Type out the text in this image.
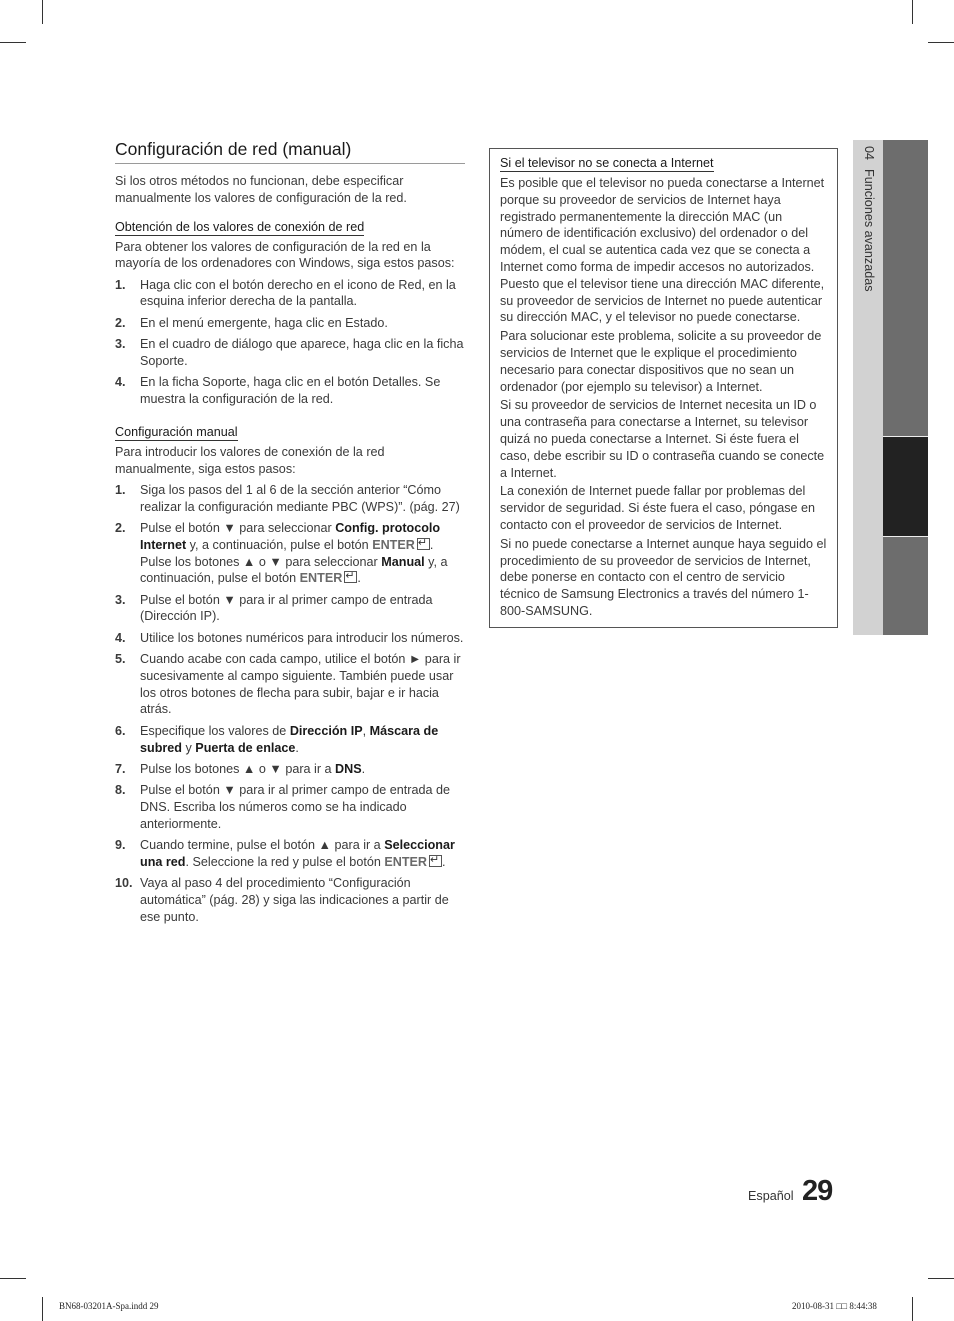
Configuración de red (manual)

Si los otros métodos no funcionan, debe especificar manualmente los valores de configuración de la red.

Obtención de los valores de conexión de red

Para obtener los valores de configuración de la red en la mayoría de los ordenadores con Windows, siga estos pasos:

1. Haga clic con el botón derecho en el icono de Red, en la esquina inferior derecha de la pantalla.
2. En el menú emergente, haga clic en Estado.
3. En el cuadro de diálogo que aparece, haga clic en la ficha Soporte.
4. En la ficha Soporte, haga clic en el botón Detalles. Se muestra la configuración de la red.
Configuración manual

Para introducir los valores de conexión de la red manualmente, siga estos pasos:

1. Siga los pasos del 1 al 6 de la sección anterior “Cómo realizar la configuración mediante PBC (WPS)”. (pág. 27)
2. Pulse el botón ▼ para seleccionar Config. protocolo Internet y, a continuación, pulse el botón ENTER ↵ . Pulse los botones ▲ o ▼ para seleccionar Manual y, a continuación, pulse el botón ENTER ↵ .
3. Pulse el botón ▼ para ir al primer campo de entrada (Dirección IP).
4. Utilice los botones numéricos para introducir los números.
5. Cuando acabe con cada campo, utilice el botón ► para ir sucesivamente al campo siguiente. También puede usar los otros botones de flecha para subir, bajar e ir hacia atrás.
6. Especifique los valores de Dirección IP, Máscara de subred y Puerta de enlace.
7. Pulse los botones ▲ o ▼ para ir a DNS.
8. Pulse el botón ▼ para ir al primer campo de entrada de DNS. Escriba los números como se ha indicado anteriormente.
9. Cuando termine, pulse el botón ▲ para ir a Seleccionar una red. Seleccione la red y pulse el botón ENTER ↵ .
10. Vaya al paso 4 del procedimiento “Configuración automática” (pág. 28) y siga las indicaciones a partir de ese punto.
Si el televisor no se conecta a Internet

Es posible que el televisor no pueda conectarse a Internet porque su proveedor de servicios de Internet haya registrado permanentemente la dirección MAC (un número de identificación exclusivo) del ordenador o del módem, el cual se autentica cada vez que se conecta a Internet como forma de impedir accesos no autorizados. Puesto que el televisor tiene una dirección MAC diferente, su proveedor de servicios de Internet no puede autenticar su dirección MAC, y el televisor no puede conectarse.

Para solucionar este problema, solicite a su proveedor de servicios de Internet que le explique el procedimiento necesario para conectar dispositivos que no sean un ordenador (por ejemplo su televisor) a Internet.

Si su proveedor de servicios de Internet necesita un ID o una contraseña para conectarse a Internet, su televisor quizá no pueda conectarse a Internet. Si éste fuera el caso, debe escribir su ID o contraseña cuando se conecte a Internet.

La conexión de Internet puede fallar por problemas del servidor de seguridad. Si éste fuera el caso, póngase en contacto con el proveedor de servicios de Internet.

Si no puede conectarse a Internet aunque haya seguido el procedimiento de su proveedor de servicios de Internet, debe ponerse en contacto con el centro de servicio técnico de Samsung Electronics a través del número 1-800-SAMSUNG.

04Funciones avanzadas
Español 29
BN68-03201A-Spa.indd 29	2010-08-31 □□ 8:44:38
